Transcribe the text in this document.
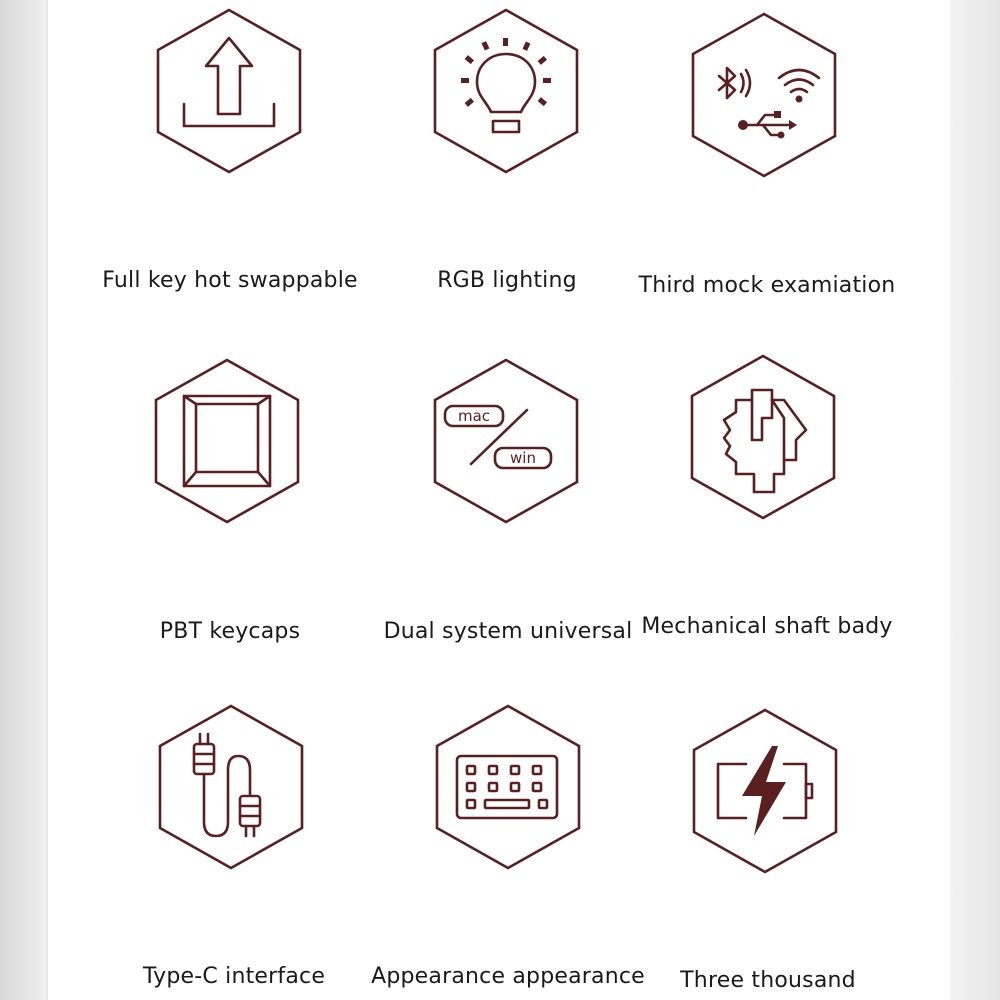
Full key hot swappable	RGB lighting	Third mock examiation
PBT keycaps
mac
win
Dual system universal Mechanical shaft bady
Type-C interface	Appearance appearance	Three thousand
